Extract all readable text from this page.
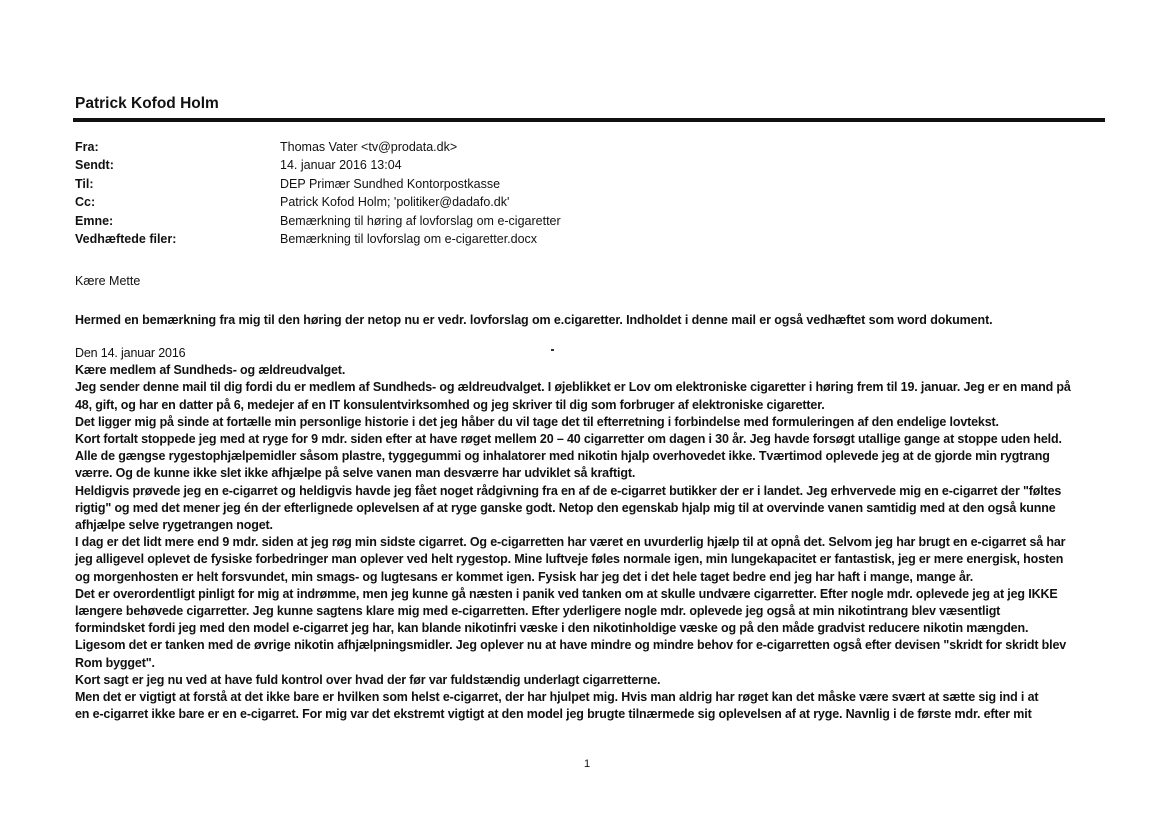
Patrick Kofod Holm
Fra:	Thomas Vater <tv@prodata.dk>
Sendt:	14. januar 2016 13:04
Til:	DEP Primær Sundhed Kontorpostkasse
Cc:	Patrick Kofod Holm; 'politiker@dadafo.dk'
Emne:	Bemærkning til høring af lovforslag om e-cigaretter
Vedhæftede filer:	Bemærkning til lovforslag om e-cigaretter.docx
Kære Mette
Hermed en bemærkning fra mig til den høring der netop nu er vedr. lovforslag om e.cigaretter. Indholdet i denne mail er også vedhæftet som word dokument.
Den 14. januar 2016
Kære medlem af Sundheds- og ældreudvalget.
Jeg sender denne mail til dig fordi du er medlem af Sundheds- og ældreudvalget. I øjeblikket er Lov om elektroniske cigaretter i høring frem til 19. januar. Jeg er en mand på
48, gift, og har en datter på 6, medejer af en IT konsulentvirksomhed og jeg skriver til dig som forbruger af elektroniske cigaretter.
Det ligger mig på sinde at fortælle min personlige historie i det jeg håber du vil tage det til efterretning i forbindelse med formuleringen af den endelige lovtekst.
Kort fortalt stoppede jeg med at ryge for 9 mdr. siden efter at have røget mellem 20 – 40 cigarretter om dagen i 30 år. Jeg havde forsøgt utallige gange at stoppe uden held.
Alle de gængse rygestophjælpemidler såsom plastre, tyggegummi og inhalatorer med nikotin hjalp overhovedet ikke. Tværtimod oplevede jeg at de gjorde min rygtrang
værre. Og de kunne ikke slet ikke afhjælpe på selve vanen man desværre har udviklet så kraftigt.
Heldigvis prøvede jeg en e-cigarret og heldigvis havde jeg fået noget rådgivning fra en af de e-cigarret butikker der er i landet. Jeg erhvervede mig en e-cigarret der "føltes
rigtig" og med det mener jeg én der efterlignede oplevelsen af at ryge ganske godt. Netop den egenskab hjalp mig til at overvinde vanen samtidig med at den også kunne
afhjælpe selve rygetrangen noget.
I dag er det lidt mere end 9 mdr. siden at jeg røg min sidste cigarret. Og e-cigarretten har været en uvurderlig hjælp til at opnå det. Selvom jeg har brugt en e-cigarret så har
jeg alligevel oplevet de fysiske forbedringer man oplever ved helt rygestop. Mine luftveje føles normale igen, min lungekapacitet er fantastisk, jeg er mere energisk, hosten
og morgenhosten er helt forsvundet, min smags- og lugtesans er kommet igen. Fysisk har jeg det i det hele taget bedre end jeg har haft i mange, mange år.
Det er overordentligt pinligt for mig at indrømme, men jeg kunne gå næsten i panik ved tanken om at skulle undvære cigarretter. Efter nogle mdr. oplevede jeg at jeg IKKE
længere behøvede cigarretter. Jeg kunne sagtens klare mig med e-cigarretten. Efter yderligere nogle mdr. oplevede jeg også at min nikotintrang blev væsentligt
formindsket fordi jeg med den model e-cigarret jeg har, kan blande nikotinfri væske i den nikotinholdige væske og på den måde gradvist reducere nikotin mængden.
Ligesom det er tanken med de øvrige nikotin afhjælpningsmidler. Jeg oplever nu at have mindre og mindre behov for e-cigarretten også efter devisen "skridt for skridt blev
Rom bygget".
Kort sagt er jeg nu ved at have fuld kontrol over hvad der før var fuldstændig underlagt cigarretterne.
Men det er vigtigt at forstå at det ikke bare er hvilken som helst e-cigarret, der har hjulpet mig. Hvis man aldrig har røget kan det måske være svært at sætte sig ind i at
en e-cigarret ikke bare er en e-cigarret. For mig var det ekstremt vigtigt at den model jeg brugte tilnærmede sig oplevelsen af at ryge. Navnlig i de første mdr. efter mit
1
